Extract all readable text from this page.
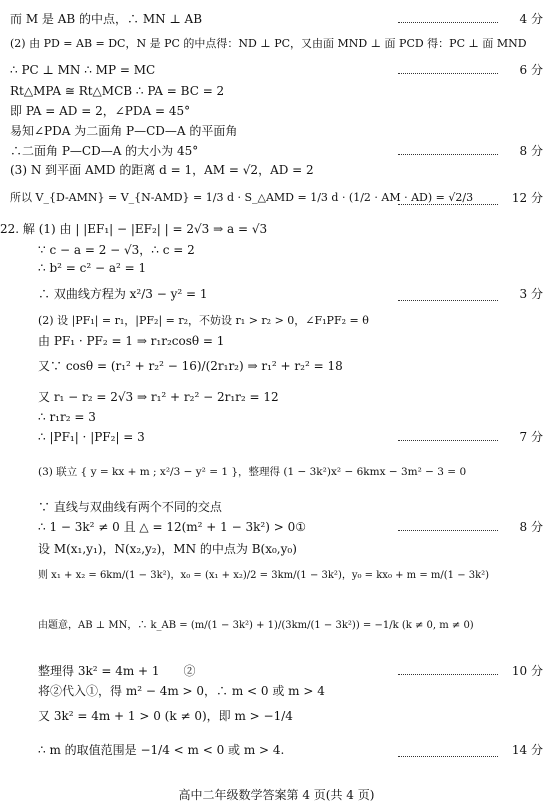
而 M 是 AB 的中点，∴ MN ⊥ AB	4 分
(2) 由 PD = AB = DC，N 是 PC 的中点得：ND ⊥ PC，又由面 MND ⊥ 面 PCD 得：PC ⊥ 面 MND
∴ PC ⊥ MN ∴ MP = MC	6 分
Rt△MPA ≅ Rt△MCB ∴ PA = BC = 2
即 PA = AD = 2，∠PDA = 45°
易知∠PDA 为二面角 P—CD—A 的平面角
∴二面角 P—CD—A 的大小为 45°	8 分
(3) N 到平面 AMD 的距离 d = 1，AM = √2，AD = 2
所以 V_{D-AMN} = V_{N-AMD} = 1/3 d · S_△AMD = 1/3 d · (1/2 · AM · AD) = √2/3	12 分
22. 解 (1) 由 | |EF₁| − |EF₂| | = 2√3 ⇒ a = √3
∵ c − a = 2 − √3，∴ c = 2
∴ b² = c² − a² = 1
∴ 双曲线方程为 x²/3 − y² = 1	3 分
(2) 设 |PF₁| = r₁，|PF₂| = r₂，不妨设 r₁ > r₂ > 0，∠F₁PF₂ = θ
由 PF₁ · PF₂ = 1 ⇒ r₁r₂cosθ = 1
又∵ cosθ = (r₁² + r₂² − 16)/(2r₁r₂) ⇒ r₁² + r₂² = 18
又 r₁ − r₂ = 2√3 ⇒ r₁² + r₂² − 2r₁r₂ = 12
∴ r₁r₂ = 3
∴ |PF₁| · |PF₂| = 3	7 分
(3) 联立 { y = kx + m ; x²/3 − y² = 1 }，整理得 (1 − 3k²)x² − 6kmx − 3m² − 3 = 0
∵ 直线与双曲线有两个不同的交点
∴ 1 − 3k² ≠ 0 且 △ = 12(m² + 1 − 3k²) > 0①	8 分
设 M(x₁,y₁)，N(x₂,y₂)，MN 的中点为 B(x₀,y₀)
则 x₁ + x₂ = 6km/(1 − 3k²)，x₀ = (x₁ + x₂)/2 = 3km/(1 − 3k²)，y₀ = kx₀ + m = m/(1 − 3k²)
由题意，AB ⊥ MN，∴ k_AB = (m/(1 − 3k²) + 1)/(3km/(1 − 3k²)) = −1/k (k ≠ 0, m ≠ 0)
整理得 3k² = 4m + 1　　②	10 分
将②代入①，得 m² − 4m > 0，∴ m < 0 或 m > 4
又 3k² = 4m + 1 > 0 (k ≠ 0)，即 m > −1/4
∴ m 的取值范围是 −1/4 < m < 0 或 m > 4.	14 分
高中二年级数学答案第 4 页(共 4 页)
